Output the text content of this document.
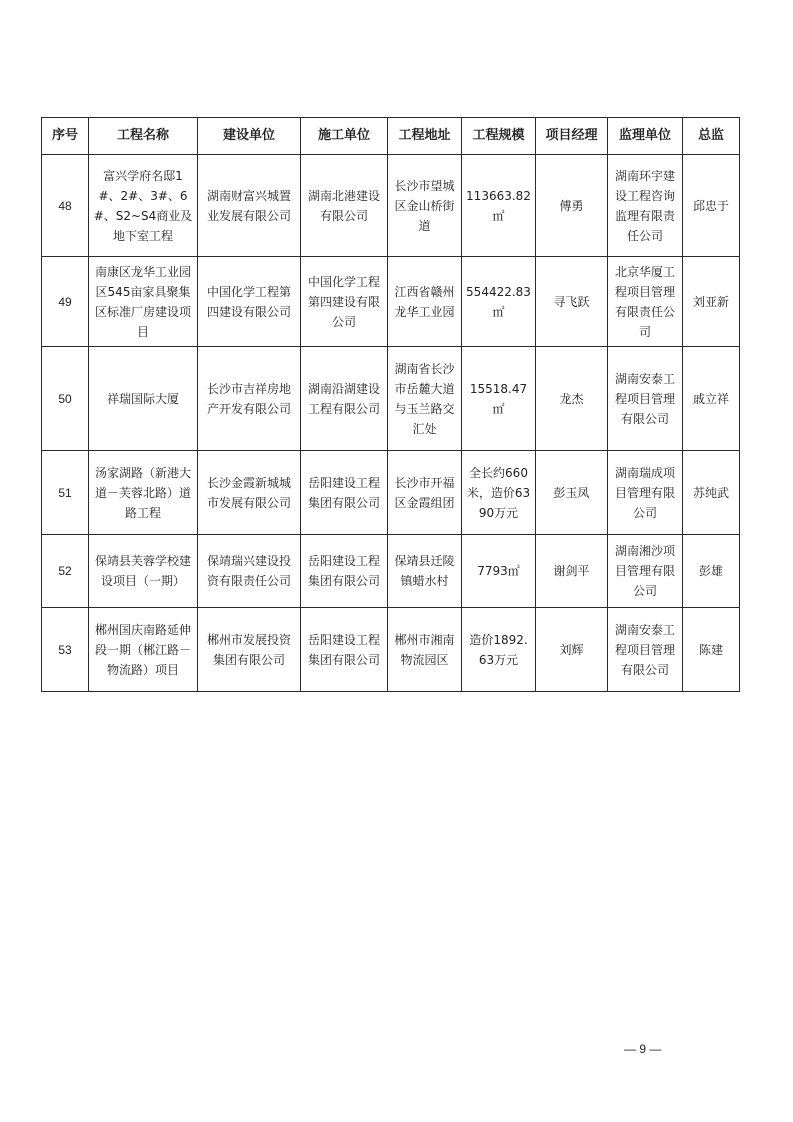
序号	工程名称	建设单位	施工单位	工程地址	工程规模	项目经理	监理单位	总监
48	富兴学府名邸1#、2#、3#、6#、S2~S4商业及地下室工程	湖南财富兴城置业发展有限公司	湖南北港建设有限公司	长沙市望城区金山桥街道	113663.82㎡	傅勇	湖南环宇建设工程咨询监理有限责任公司	邱忠于
49	南康区龙华工业园区545亩家具聚集区标准厂房建设项目	中国化学工程第四建设有限公司	中国化学工程第四建设有限公司	江西省赣州龙华工业园	554422.83㎡	寻飞跃	北京华厦工程项目管理有限责任公司	刘亚新
50	祥瑞国际大厦	长沙市吉祥房地产开发有限公司	湖南沿湖建设工程有限公司	湖南省长沙市岳麓大道与玉兰路交汇处	15518.47㎡	龙杰	湖南安泰工程项目管理有限公司	戚立祥
51	汤家湖路（新港大道－芙蓉北路）道路工程	长沙金霞新城城市发展有限公司	岳阳建设工程集团有限公司	长沙市开福区金霞组团	全长约660米，造价6390万元	彭玉凤	湖南瑞成项目管理有限公司	苏纯武
52	保靖县芙蓉学校建设项目（一期）	保靖瑞兴建设投资有限责任公司	岳阳建设工程集团有限公司	保靖县迁陵镇蜡水村	7793㎡	谢剑平	湖南湘沙项目管理有限公司	彭雄
53	郴州国庆南路延伸段一期（郴江路－物流路）项目	郴州市发展投资集团有限公司	岳阳建设工程集团有限公司	郴州市湘南物流园区	造价1892.63万元	刘辉	湖南安泰工程项目管理有限公司	陈建
— 9 —
